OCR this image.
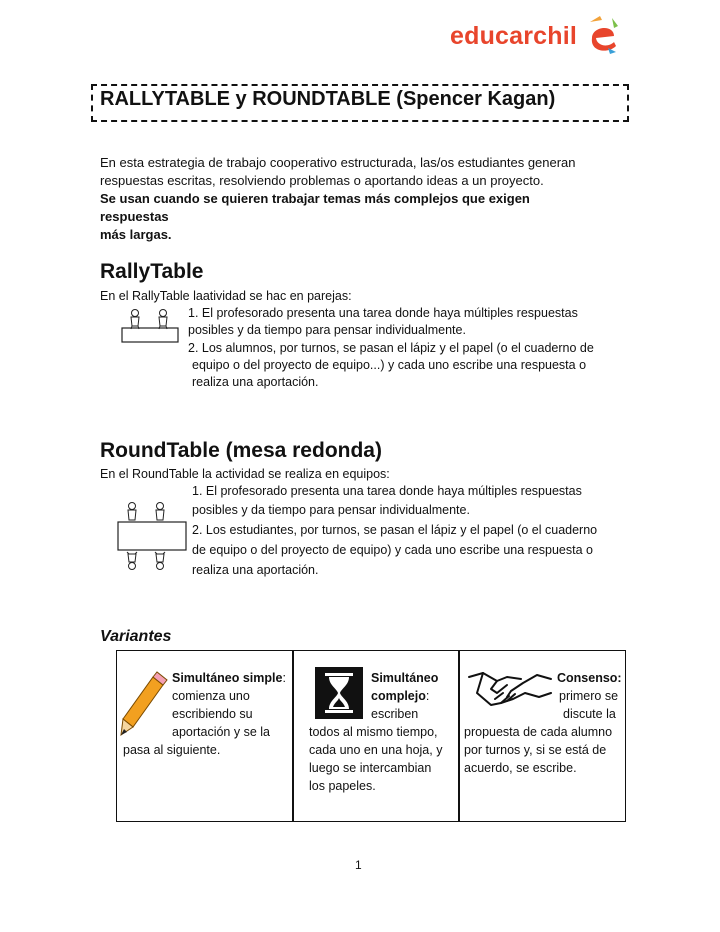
educarchil
RALLYTABLE y ROUNDTABLE (Spencer Kagan)
En esta estrategia de trabajo cooperativo estructurada, las/os estudiantes generan
respuestas escritas, resolviendo problemas o aportando ideas a un proyecto.
Se usan cuando se quieren trabajar temas más complejos que exigen respuestas
más largas.
RallyTable
En el RallyTable laatividad se hac en parejas:
1. El profesorado presenta una tarea donde haya múltiples respuestas
posibles y da tiempo para pensar individualmente.
2. Los alumnos, por turnos, se pasan el lápiz y el papel (o el cuaderno de
equipo o del proyecto de equipo...) y cada uno escribe una respuesta o
realiza una aportación.
RoundTable (mesa redonda)
En el RoundTable la actividad se realiza en equipos:
1. El profesorado presenta una tarea donde haya múltiples respuestas
posibles y da tiempo para pensar individualmente.
2. Los estudiantes, por turnos, se pasan el lápiz y el papel (o el cuaderno
de equipo o del proyecto de equipo) y cada uno escribe una respuesta o
realiza una aportación.
Variantes
Simultáneo simple:
comienza uno
escribiendo su
aportación y se la
pasa al siguiente.
Simultáneo
complejo:
escriben
todos al mismo tiempo,
cada uno en una hoja, y
luego se intercambian
los papeles.
Consenso:
primero se
discute la
propuesta de cada alumno
por turnos y, si se está de
acuerdo, se escribe.
1
